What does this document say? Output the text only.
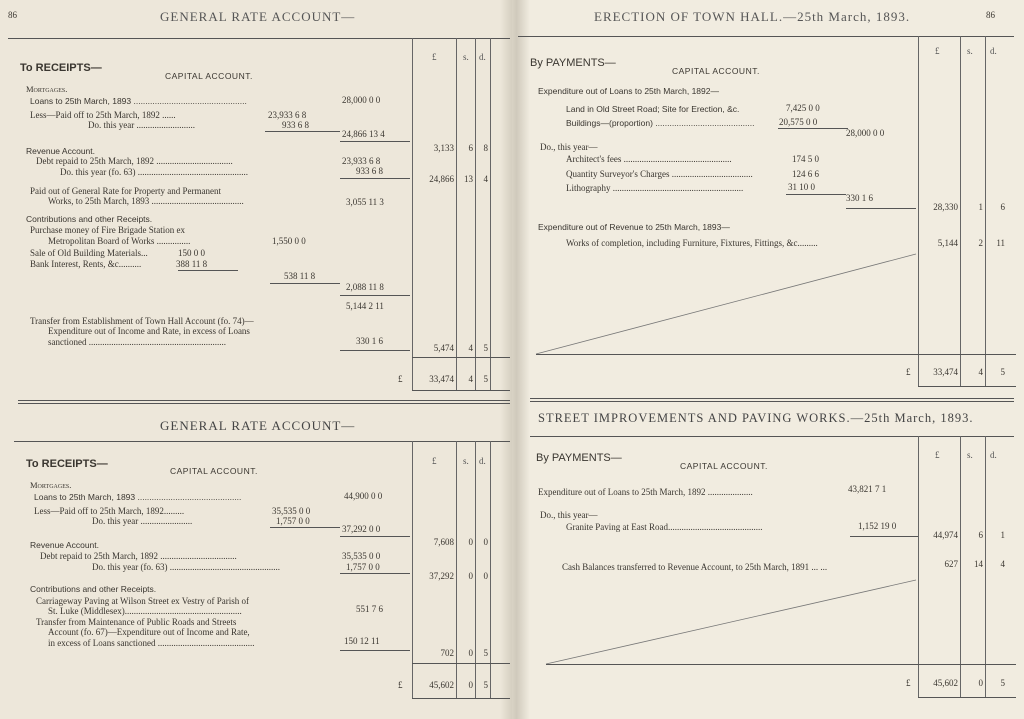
86	GENERAL RATE ACCOUNT—
£	s. d.
To RECEIPTS—
CAPITAL ACCOUNT.
Mortgages.
Loans to 25th March, 1893 ................................................	28,000 0 0
Less—Paid off to 25th March, 1892 ......	23,933 6 8
Do. this year ..........................	933 6 8
24,866 13 4
3,133	6	8
Revenue Account.
Debt repaid to 25th March, 1892 ..................................	23,933 6 8
Do. this year (fo. 63) .................................................	933 6 8
24,866	13	4
Paid out of General Rate for Property and Permanent
Works, to 25th March, 1893 .........................................	3,055 11 3
Contributions and other Receipts.
Purchase money of Fire Brigade Station ex
Metropolitan Board of Works ...............	1,550 0 0
Sale of Old Building Materials...	150 0 0
Bank Interest, Rents, &c..........	388 11 8
538 11 8
2,088 11 8
5,144 2 11
Transfer from Establishment of Town Hall Account (fo. 74)—
Expenditure out of Income and Rate, in excess of Loans
sanctioned .............................................................	330 1 6
5,474	4	5
£	33,474	4	5
GENERAL RATE ACCOUNT—
£	s. d.
To RECEIPTS—
CAPITAL ACCOUNT.
Mortgages.
Loans to 25th March, 1893 ............................................	44,900 0 0
Less—Paid off to 25th March, 1892.........	35,535 0 0
Do. this year .......................	1,757 0 0
37,292 0 0
7,608	0	0
Revenue Account.
Debt repaid to 25th March, 1892 ..................................	35,535 0 0
Do. this year (fo. 63) .................................................	1,757 0 0
37,292	0	0
Contributions and other Receipts.
Carriageway Paving at Wilson Street ex Vestry of Parish of
St. Luke (Middlesex)....................................................	551 7 6
Transfer from Maintenance of Public Roads and Streets
Account (fo. 67)—Expenditure out of Income and Rate,
in excess of Loans sanctioned ...........................................	150 12 11
702	0	5
£	45,602	0	5
ERECTION OF TOWN HALL.—25th March, 1893.	86
£	s. d.
By PAYMENTS—
CAPITAL ACCOUNT.
Expenditure out of Loans to 25th March, 1892—
Land in Old Street Road; Site for Erection, &c.	7,425 0 0
Buildings—(proportion) ..........................................	20,575 0 0
28,000 0 0
Do., this year—
Architect's fees ................................................	174 5 0
Quantity Surveyor's Charges ....................................	124 6 6
Lithography ..........................................................	31 10 0
330 1 6
28,330	1	6
Expenditure out of Revenue to 25th March, 1893—
Works of completion, including Furniture, Fixtures, Fittings, &c.........	5,144	2	11
£	33,474	4	5
STREET IMPROVEMENTS AND PAVING WORKS.—25th March, 1893.
£	s. d.
By PAYMENTS—
CAPITAL ACCOUNT.
Expenditure out of Loans to 25th March, 1892 ....................	43,821 7 1
Do., this year—
Granite Paving at East Road..........................................	1,152 19 0
44,974	6	1
Cash Balances transferred to Revenue Account, to 25th March, 1891 ... ...	627	14	4
£	45,602	0	5
